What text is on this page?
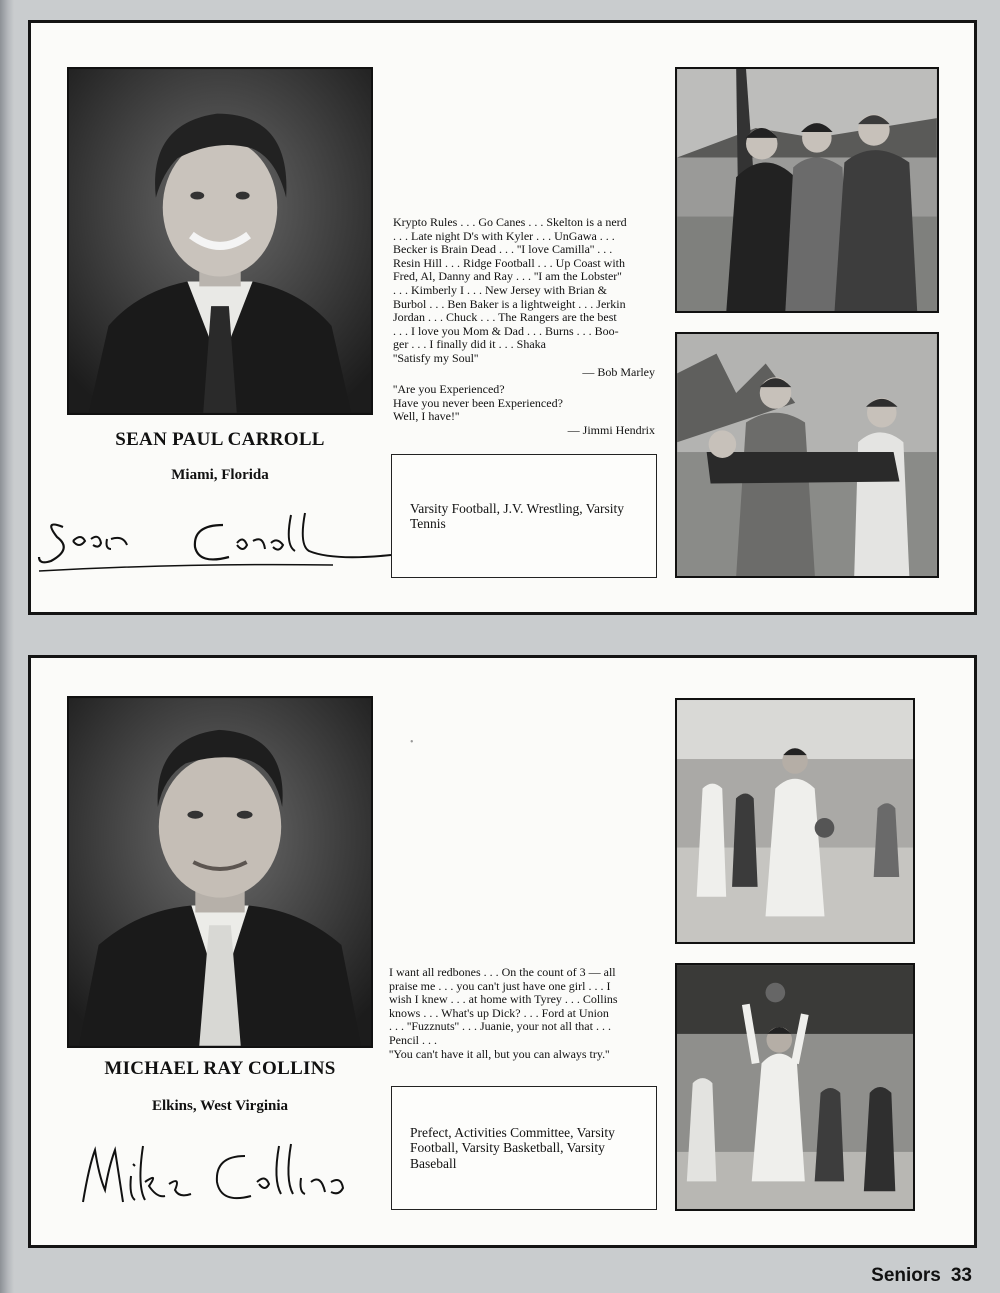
SEAN PAUL CARROLL
Miami, Florida
Krypto Rules . . . Go Canes . . . Skelton is a nerd
. . . Late night D's with Kyler . . . UnGawa . . .
Becker is Brain Dead . . . ''I love Camilla'' . . .
Resin Hill . . . Ridge Football . . . Up Coast with
Fred, Al, Danny and Ray . . . ''I am the Lobster''
. . . Kimberly I . . . New Jersey with Brian &
Burbol . . . Ben Baker is a lightweight . . . Jerkin
Jordan . . . Chuck . . . The Rangers are the best
. . . I love you Mom & Dad . . . Burns . . . Boo-
ger . . . I finally did it . . . Shaka
''Satisfy my Soul''
— Bob Marley
''Are you Experienced?
Have you never been Experienced?
Well, I have!''
— Jimmi Hendrix
Varsity Football, J.V. Wrestling, Varsity Tennis
MICHAEL RAY COLLINS
Elkins, West Virginia
I want all redbones . . . On the count of 3 — all
praise me . . . you can't just have one girl . . . I
wish I knew . . . at home with Tyrey . . . Collins
knows . . . What's up Dick? . . . Ford at Union
. . . ''Fuzznuts'' . . . Juanie, your not all that . . .
Pencil . . .
''You can't have it all, but you can always try.''
Prefect, Activities Committee, Varsity Football, Varsity Basketball, Varsity Baseball
•
Seniors 33
